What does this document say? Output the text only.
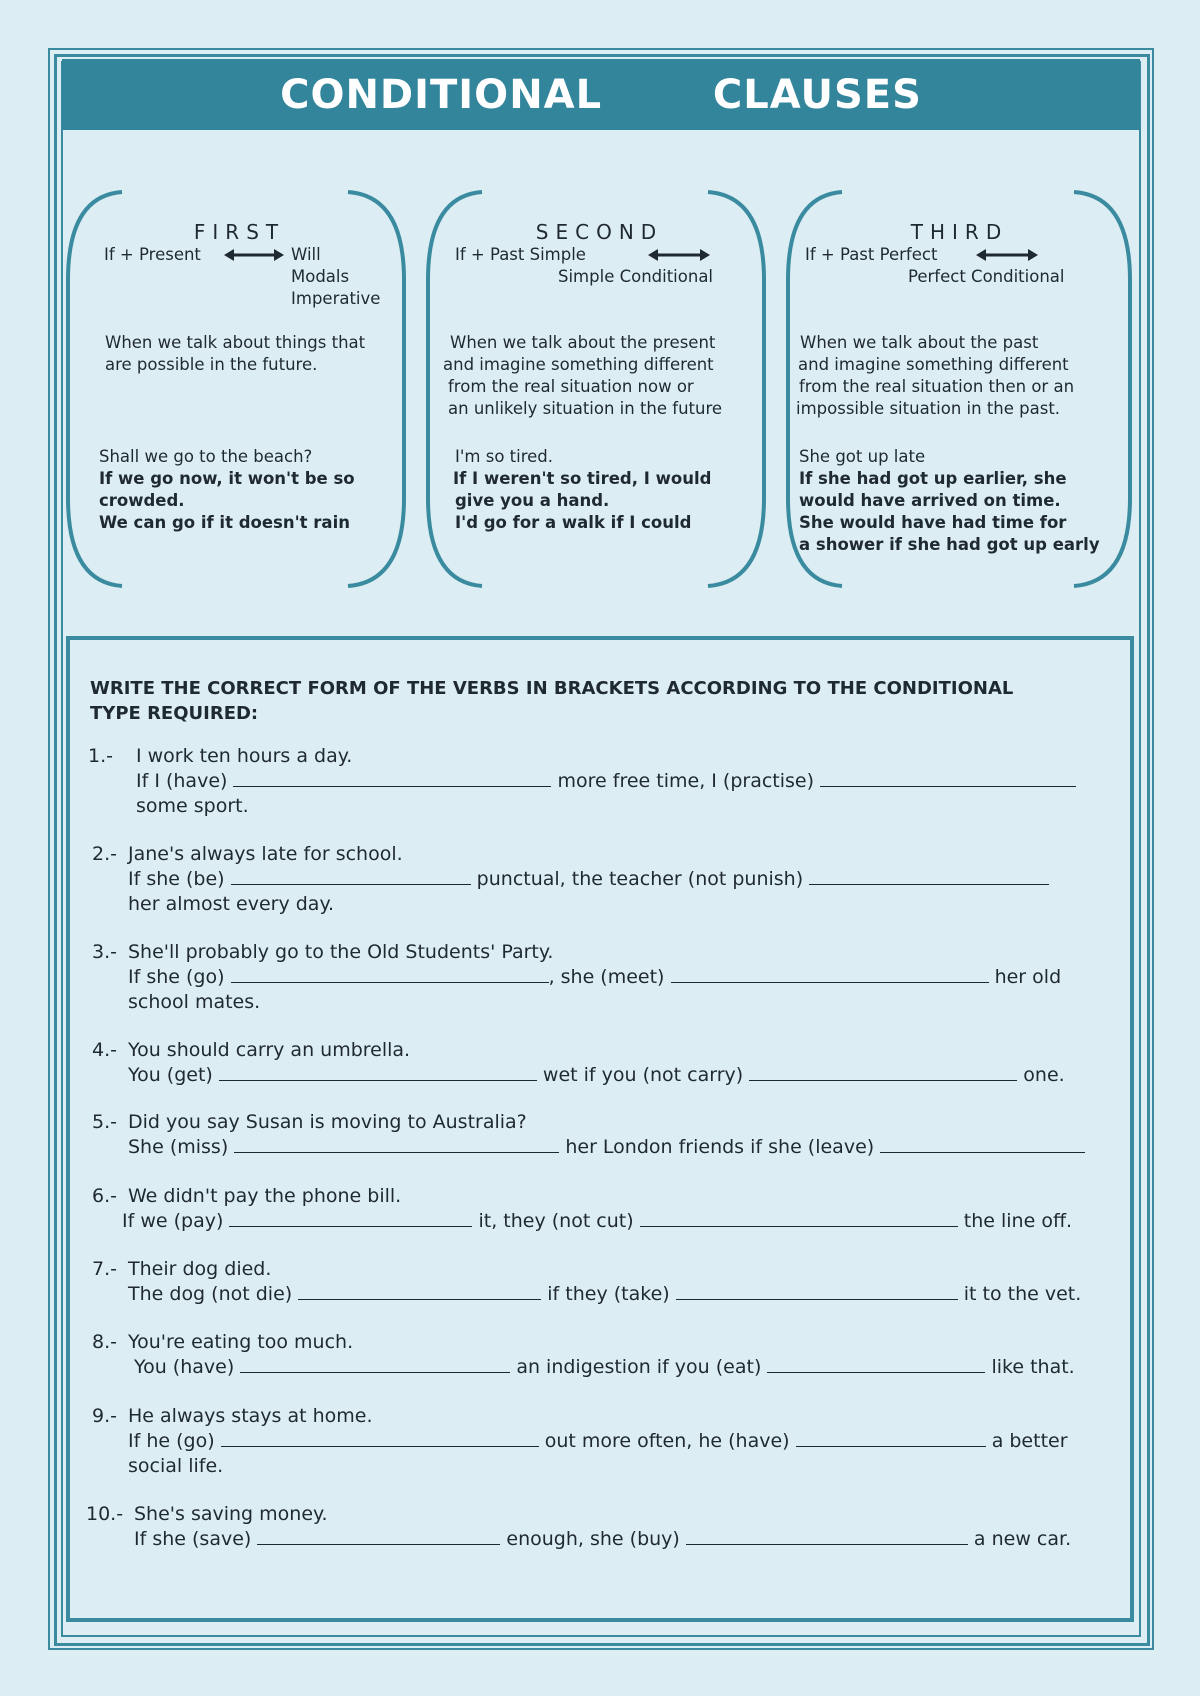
CONDITIONAL   CLAUSES
FIRST
If + Present	Will
Modals
Imperative
When we talk about things that
are possible in the future.
Shall we go to the beach?
If we go now, it won't be so
crowded.
We can go if it doesn't rain
SECOND
If + Past Simple
Simple Conditional
When we talk about the present
and imagine something different
from the real situation now or
an unlikely situation in the future
I'm so tired.
If I weren't so tired, I would
give you a hand.
I'd go for a walk if I could
THIRD
If + Past Perfect
Perfect Conditional
When we talk about the past
and imagine something different
from the real situation then or an
impossible situation in the past.
She got up late
If she had got up earlier, she
would have arrived on time.
She would have had time for
a shower if she had got up early
WRITE THE CORRECT FORM OF THE VERBS IN BRACKETS ACCORDING TO THE CONDITIONAL
TYPE REQUIRED:
1.- I work ten hours a day.
If I (have)	more free time, I (practise)
some sport.
2.- Jane's always late for school.
If she (be)	punctual, the teacher (not punish)
her almost every day.
3.- She'll probably go to the Old Students' Party.
If she (go)	, she (meet)	her old
school mates.
4.- You should carry an umbrella.
You (get)	wet if you (not carry)	one.
5.- Did you say Susan is moving to Australia?
She (miss)	her London friends if she (leave)
6.- We didn't pay the phone bill.
If we (pay)	it, they (not cut)	the line off.
7.- Their dog died.
The dog (not die)	if they (take)	it to the vet.
8.- You're eating too much.
You (have)	an indigestion if you (eat)	like that.
9.- He always stays at home.
If he (go)	out more often, he (have)	a better
social life.
10.- She's saving money.
If she (save)	enough, she (buy)	a new car.
